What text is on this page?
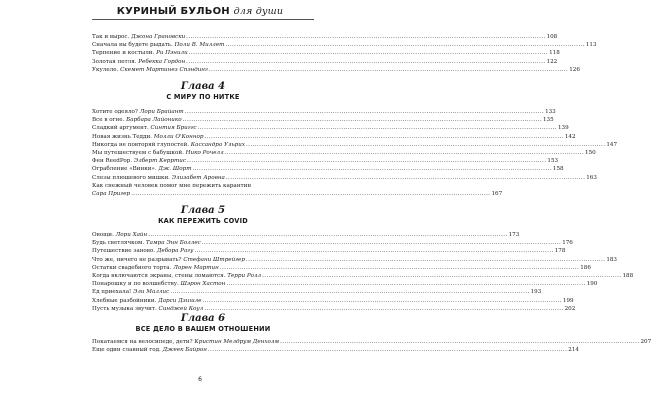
КУРИНЫЙ БУЛЬОН для души
Так и вырос. Джона Грановски .....	108
Сначала вы будете рыдать. Поли В. Миллет .....	113
Терпение и костыли. Ри Пэнили .....	118
Золотая петля. Ребекка Гордон .....	122
Укулеле. Скемет Мартинез Спэндинг .....	126
Глава 4
С МИРУ ПО НИТКЕ
Хотите одеяло? Лори Брайант .....	133
Все в огне. Барбара Лайонико .....	135
Сладкий аргумент. Синтия Бриггс .....	139
Новая жизнь Тедди. Молли О'Коннор .....	142
Никогда не повторяй глупостей. Кассандра Ульрих .....	147
Мы путешествуем с бабушкой. Нико Рочелл .....	150
Фен ReedPop. Элберт Керртис .....	153
Ограбление «Винки». Дж. Шорт .....	158
Слезы плюшевого мишки. Элизабет Аровна .....	163
Как снежный человек помог мне пережить карантин
Сара Пригер .....	167
Глава 5
КАК ПЕРЕЖИТЬ COVID
Овощи. Лори Хайн .....	173
Будь светлячком. Тамра Энн Боллес .....	176
Путешествие заново. Дебора Рагу .....	178
Что же, ничего не разрывать? Стефани Штрейгер .....	183
Остатки свадебного торта. Лорен Мартин .....	186
Когда включаются экраны, стены ломаются. Терри Ролл .....	188
Понарошку и по волшебству. Шэрон Хастон .....	190
Ед приехала! Эли Маллис .....	193
Хлебные разбойники. Дарси Дзишле .....	199
Пусть музыка звучит. Синджей Коул .....	202
Глава 6
ВСЕ ДЕЛО В ВАШЕМ ОТНОШЕНИИ
Покатаемся на велосипеде, дети? Кристин Мелдрум Денхолм .....	207
Еще один славный год. Джеек Байрон .....	214
6
